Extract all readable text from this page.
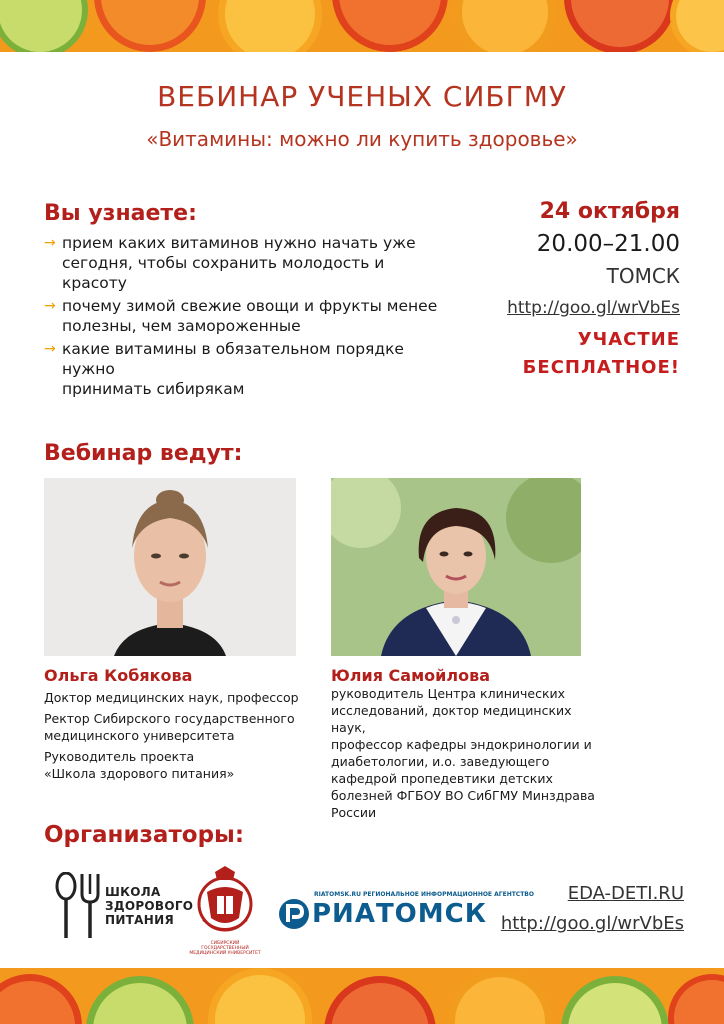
ВЕБИНАР УЧЕНЫХ СИБГМУ
«Витамины: можно ли купить здоровье»
Вы узнаете:
→ прием каких витаминов нужно начать уже
сегодня, чтобы сохранить молодость и красоту
→ почему зимой свежие овощи и фрукты менее
полезны, чем замороженные
→ какие витамины в обязательном порядке нужно
принимать сибирякам
24 октября
20.00–21.00
ТОМСК
http://goo.gl/wrVbEs
УЧАСТИЕ
БЕСПЛАТНОЕ!
Вебинар ведут:
Ольга Кобякова
Доктор медицинских наук, профессор
Ректор Сибирского государственного
медицинского университета
Руководитель проекта
«Школа здорового питания»
Юлия Самойлова
руководитель Центра клинических
исследований, доктор медицинских наук,
профессор кафедры эндокринологии и
диабетологии, и.о. заведующего
кафедрой пропедевтики детских
болезней ФГБОУ ВО СибГМУ Минздрава
России
Организаторы:
ШКОЛА
ЗДОРОВОГО
ПИТАНИЯ
СИБИРСКИЙ ГОСУДАРСТВЕННЫЙ МЕДИЦИНСКИЙ УНИВЕРСИТЕТ
RIATOMSK.RU РЕГИОНАЛЬНОЕ ИНФОРМАЦИОННОЕ АГЕНТСТВО
РИАТОМСК
EDA-DETI.RU
http://goo.gl/wrVbEs
